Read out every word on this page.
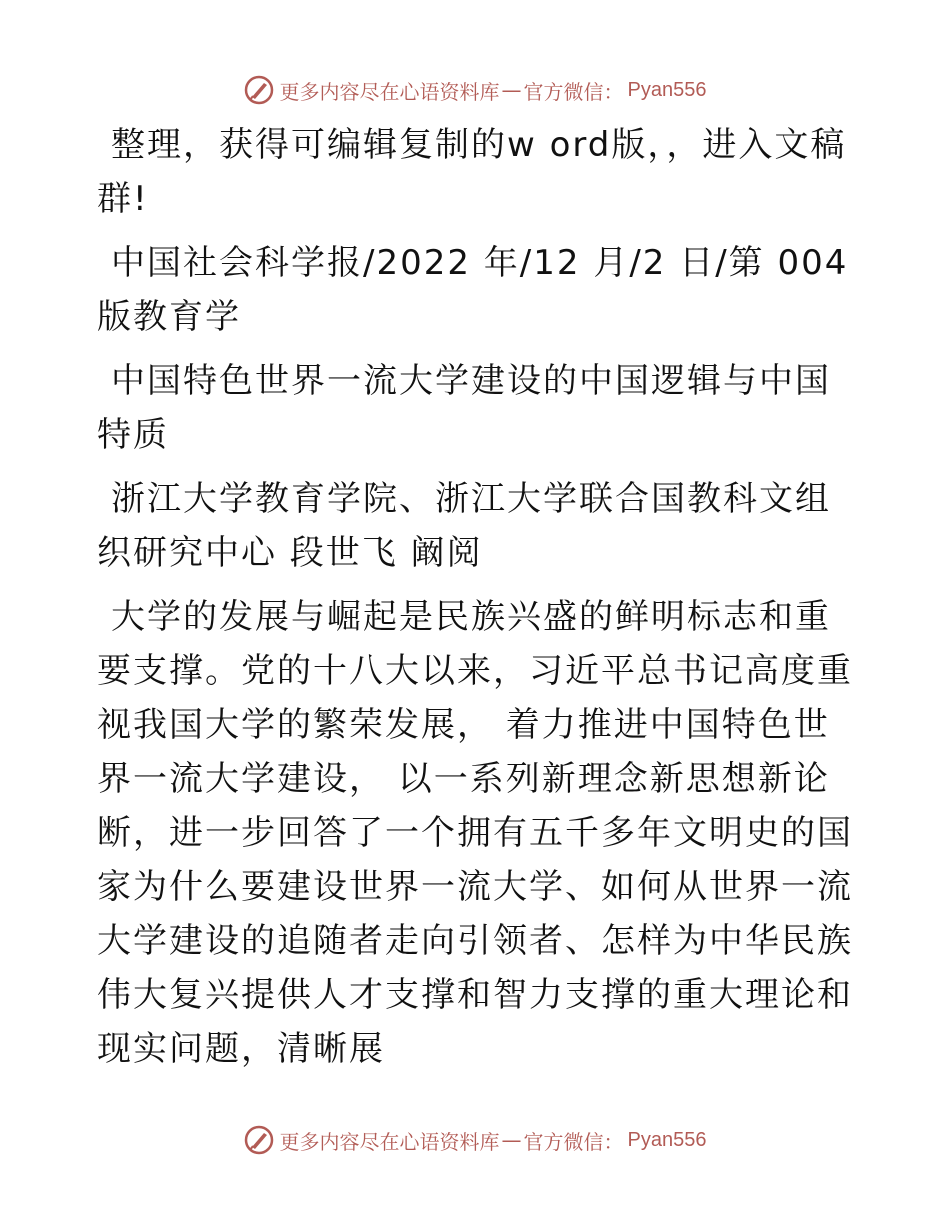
更多内容尽在心语资料库 — 官方微信： Pyan556

整理，获得可编辑复制的w ord版，，进入文稿群!

中国社会科学报/2022 年/12 月/2 日/第 004 版教育学

中国特色世界一流大学建设的中国逻辑与中国特质

浙江大学教育学院、浙江大学联合国教科文组织研究中心 段世飞 阚阅

大学的发展与崛起是民族兴盛的鲜明标志和重要支撑。党的十八大以来，习近平总书记高度重视我国大学的繁荣发展， 着力推进中国特色世界一流大学建设， 以一系列新理念新思想新论断，进一步回答了一个拥有五千多年文明史的国家为什么要建设世界一流大学、如何从世界一流大学建设的追随者走向引领者、怎样为中华民族伟大复兴提供人才支撑和智力支撑的重大理论和现实问题，清晰展

更多内容尽在心语资料库 — 官方微信： Pyan556
